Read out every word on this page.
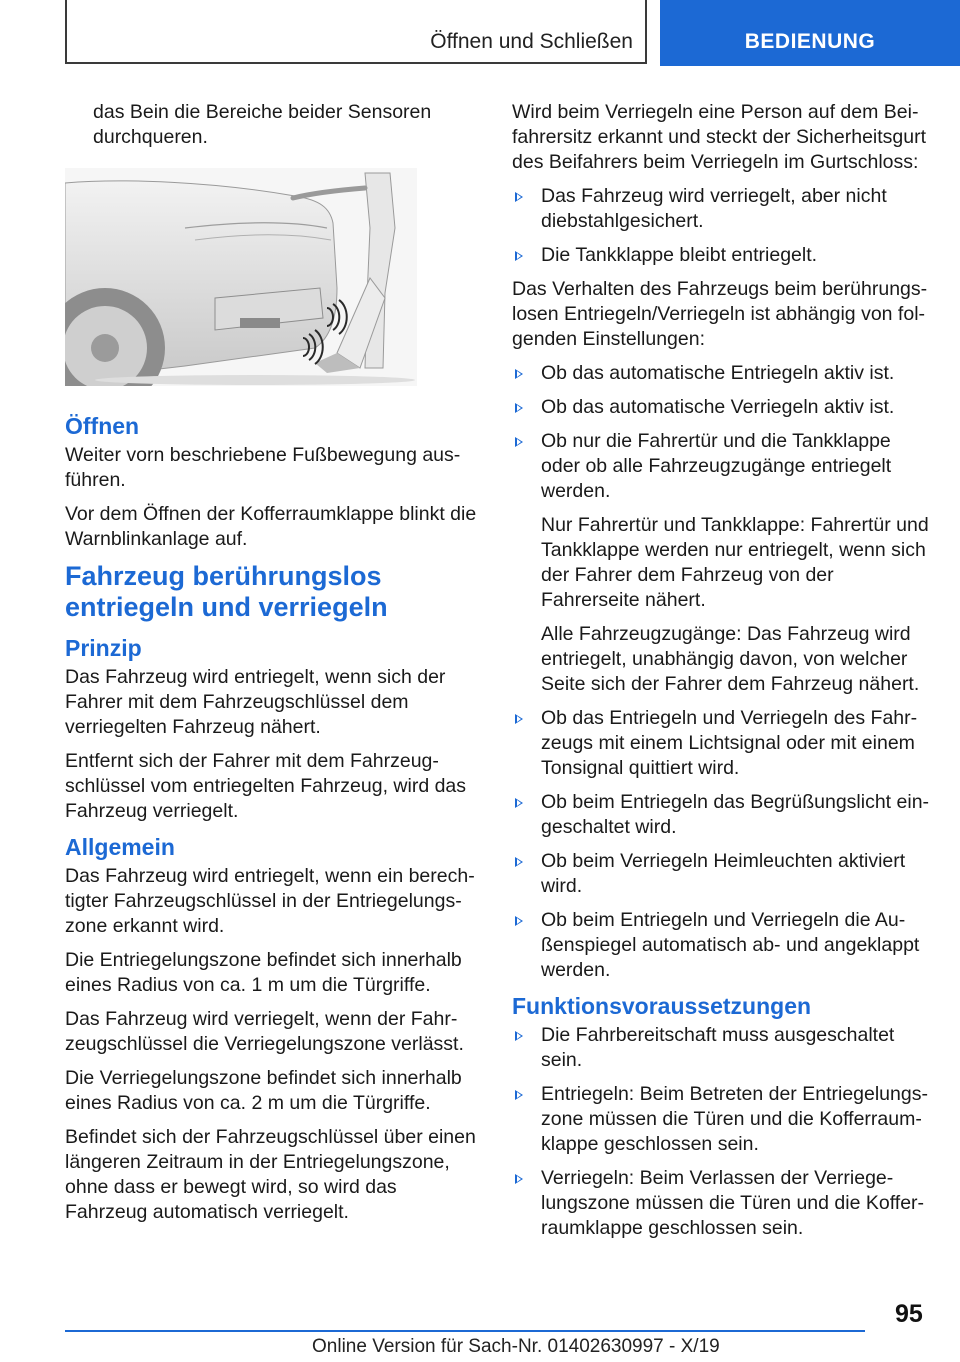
Öffnen und Schließen	BEDIENUNG

das Bein die Bereiche beider Sensoren durchqueren.

Öffnen

Weiter vorn beschriebene Fußbewegung ausführen.

Vor dem Öffnen der Kofferraumklappe blinkt die Warnblinkanlage auf.

Fahrzeug berührungslos entriegeln und verriegeln
Prinzip

Das Fahrzeug wird entriegelt, wenn sich der Fahrer mit dem Fahrzeugschlüssel dem verriegelten Fahrzeug nähert.

Entfernt sich der Fahrer mit dem Fahrzeugschlüssel vom entriegelten Fahrzeug, wird das Fahrzeug verriegelt.

Allgemein

Das Fahrzeug wird entriegelt, wenn ein berechtigter Fahrzeugschlüssel in der Entriegelungszone erkannt wird.

Die Entriegelungszone befindet sich innerhalb eines Radius von ca. 1 m um die Türgriffe.

Das Fahrzeug wird verriegelt, wenn der Fahrzeugschlüssel die Verriegelungszone verlässt.

Die Verriegelungszone befindet sich innerhalb eines Radius von ca. 2 m um die Türgriffe.

Befindet sich der Fahrzeugschlüssel über einen längeren Zeitraum in der Entriegelungszone, ohne dass er bewegt wird, so wird das Fahrzeug automatisch verriegelt.

Wird beim Verriegeln eine Person auf dem Beifahrersitz erkannt und steckt der Sicherheitsgurt des Beifahrers beim Verriegeln im Gurtschloss:

Das Fahrzeug wird verriegelt, aber nicht diebstahlgesichert.
Die Tankklappe bleibt entriegelt.

Das Verhalten des Fahrzeugs beim berührungslosen Entriegeln/Verriegeln ist abhängig von folgenden Einstellungen:

Ob das automatische Entriegeln aktiv ist.
Ob das automatische Verriegeln aktiv ist.
Ob nur die Fahrertür und die Tankklappe oder ob alle Fahrzeugzugänge entriegelt werden.
Nur Fahrertür und Tankklappe: Fahrertür und Tankklappe werden nur entriegelt, wenn sich der Fahrer dem Fahrzeug von der Fahrerseite nähert.
Alle Fahrzeugzugänge: Das Fahrzeug wird entriegelt, unabhängig davon, von welcher Seite sich der Fahrer dem Fahrzeug nähert.
Ob das Entriegeln und Verriegeln des Fahrzeugs mit einem Lichtsignal oder mit einem Tonsignal quittiert wird.
Ob beim Entriegeln das Begrüßungslicht eingeschaltet wird.
Ob beim Verriegeln Heimleuchten aktiviert wird.
Ob beim Entriegeln und Verriegeln die Außenspiegel automatisch ab- und angeklappt werden.
Funktionsvoraussetzungen
Die Fahrbereitschaft muss ausgeschaltet sein.
Entriegeln: Beim Betreten der Entriegelungszone müssen die Türen und die Kofferraumklappe geschlossen sein.
Verriegeln: Beim Verlassen der Verriegelungszone müssen die Türen und die Kofferraumklappe geschlossen sein.
95
Online Version für Sach-Nr. 01402630997 - X/19
